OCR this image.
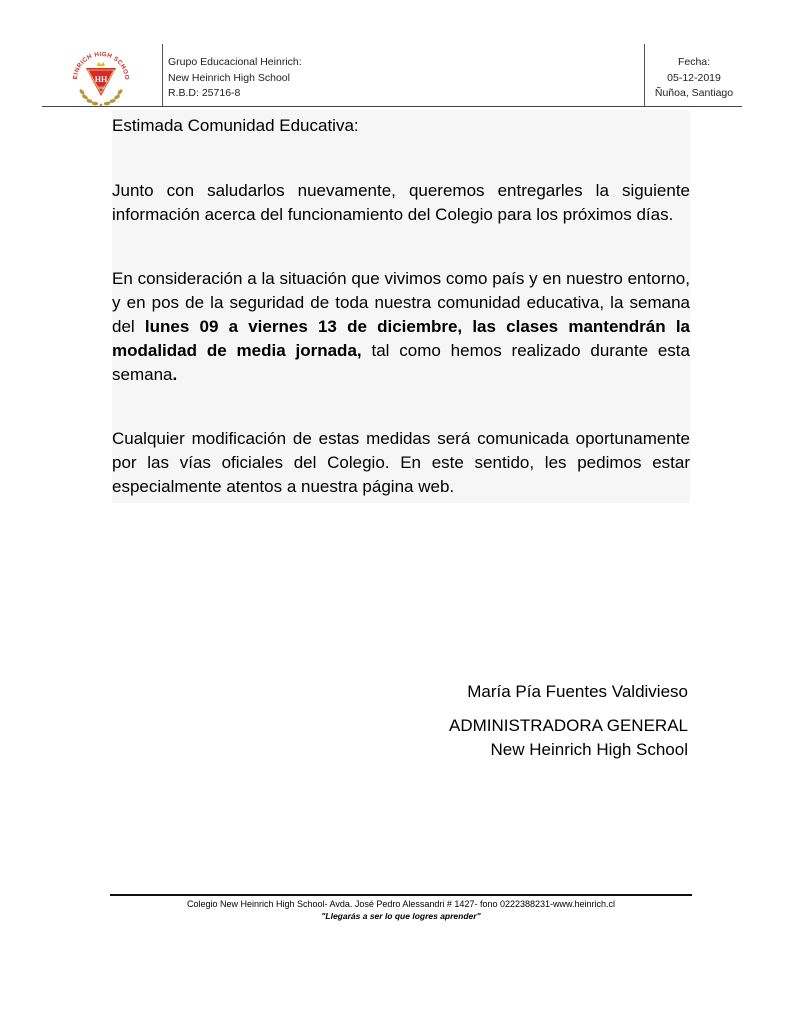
EINRICH HIGH SCHOO
HH
1980
Grupo Educacional Heinrich:
New Heinrich High School
R.B.D: 25716-8
Fecha:
05-12-2019
Ñuñoa, Santiago

Estimada Comunidad Educativa:

Junto con saludarlos nuevamente, queremos entregarles la siguiente información acerca del funcionamiento del Colegio para los próximos días.

En consideración a la situación que vivimos como país y en nuestro entorno, y en pos de la seguridad de toda nuestra comunidad educativa, la semana del lunes 09 a viernes 13 de diciembre, las clases mantendrán la modalidad de media jornada, tal como hemos realizado durante esta semana.

Cualquier modificación de estas medidas será comunicada oportunamente por las vías oficiales del Colegio. En este sentido, les pedimos estar especialmente atentos a nuestra página web.

María Pía Fuentes Valdivieso
ADMINISTRADORA GENERAL
New Heinrich High School
Colegio New Heinrich High School- Avda. José Pedro Alessandri # 1427- fono 0222388231-www.heinrich.cl
"Llegarás a ser lo que logres aprender"
